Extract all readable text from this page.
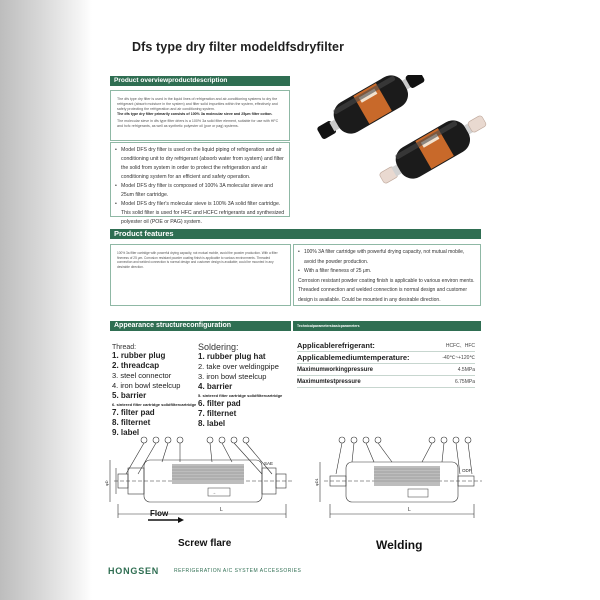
Dfs type dry filter modeldfsdryfilter
Product overviewproductdescription
The dfs type dry filter is used in the liquid lines of refrigeration and air-conditioning systems to dry the refrigerant (absorb moisture in the system) and filter solid impurities within the system, effectively and safely protecting the refrigeration and air conditioning system.
The dfs type dry filter primarily consists of 100% 3a molecular sieve and 25μm filter cotton.
The molecular sieve in dfs type filter driers is a 100% 3a solid filter element, suitable for use with HFC and hcfc refrigerants, as well as synthetic polyester oil (poe or pag) systems.
• Model DFS dry filter is used on the liquid piping of refrigeration and air conditioning unit to dry refrigerant (absorb water from system) and filter the solid from system in order to protect the refrigeration and air conditioning system for an efficient and safety operation.
• Model DFS dry filter is composed of 100% 3A molecular sieve and 25um filter cartridge.
• Model DFS dry filer's molecular sieve is 100% 3A solid filter cartridge. This solid filter is used for HFC and HCFC refrigerants and synthesized polyester oil (POE or PAG) system.
Product features
100% 3a filter cartridge with powerful drying capacity, not mutual mobile, avoid the powder production. With a filter fineness of 25 μm. Corrosion resistant powder coating finish is applicable to various environments. Threaded connection and welded connection is normal design and customer design is available; could be mounted in any desirable direction.
• 100% 3A filter cartridge with powerful drying capacity, not mutual mobile, avoid the powder production.
• With a filter fineness of 25 μm.
Corrosion resistant powder coating finish is applicable to various environ ments. Threaded connection and welded connection is normal design and customer design is available. Could be mounted in any desirable direction.
Appearance structureconfiguration	Technicalparametersbasicparameters
Thread:
1. rubber plug
2. threadcap
3. steel connector
4. iron bowl steelcup
5. barrier
6. sintered filter cartridge solidfiltercartridge
7. filter pad
8. filternet
9. label
Soldering:
1. rubber plug hat
2. take over weldingpipe
3. iron bowl steelcup
4. barrier
5. sintered filter cartridge solidfiltercartridge
6. filter pad
7. filternet
8. label
Applicablerefrigerant:	HCFC、HFC
Applicablemediumtemperature:	-40℃~+120℃
Maximumworkingpressure	4.5MPa
Maximumtestpressure	6.75MPa
→
SAE
φD
L
Flow
Screw flare
ODF
φD1
L
Welding
HONGSEN	REFRIGERATION A/C SYSTEM ACCESSORIES
